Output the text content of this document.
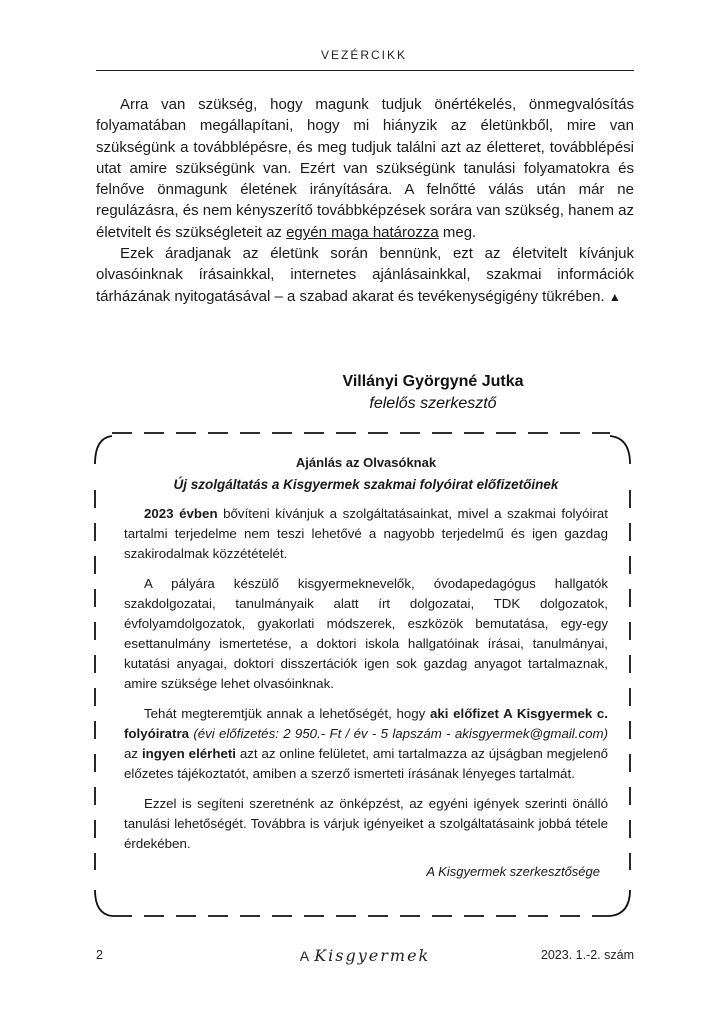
VEZÉRCIKK

Arra van szükség, hogy magunk tudjuk önértékelés, önmegvalósítás folyamatában megállapítani, hogy mi hiányzik az életünkből, mire van szükségünk a továbblépésre, és meg tudjuk találni azt az életteret, továbblépési utat amire szükségünk van. Ezért van szükségünk tanulási folyamatokra és felnőve önmagunk életének irányítására. A felnőtté válás után már ne regulázásra, és nem kényszerítő továbbképzések sorára van szükség, hanem az életvitelt és szükségleteit az egyén maga határozza meg.

Ezek áradjanak az életünk során bennünk, ezt az életvitelt kívánjuk olvasóinknak írásainkkal, internetes ajánlásainkkal, szakmai információk tárházának nyitogatásával – a szabad akarat és tevékenységigény tükrében. ▲

Villányi Györgyné Jutka
felelős szerkesztő
Ajánlás az Olvasóknak
Új szolgáltatás a Kisgyermek szakmai folyóirat előfizetőinek

2023 évben bővíteni kívánjuk a szolgáltatásainkat, mivel a szakmai folyóirat tartalmi terjedelme nem teszi lehetővé a nagyobb terjedelmű és igen gazdag szakirodalmak közzétételét.

A pályára készülő kisgyermeknevelők, óvodapedagógus hallgatók szakdolgozatai, tanulmányaik alatt írt dolgozatai, TDK dolgozatok, évfolyamdolgozatok, gyakorlati módszerek, eszközök bemutatása, egy-egy esettanulmány ismertetése, a doktori iskola hallgatóinak írásai, tanulmányai, kutatási anyagai, doktori disszertációk igen sok gazdag anyagot tartalmaznak, amire szüksége lehet olvasóinknak.

Tehát megteremtjük annak a lehetőségét, hogy aki előfizet A Kisgyermek c. folyóiratra (évi előfizetés: 2 950.- Ft / év - 5 lapszám - akisgyermek@gmail.com) az ingyen elérheti azt az online felületet, ami tartalmazza az újságban megjelenő előzetes tájékoztatót, amiben a szerző ismerteti írásának lényeges tartalmát.

Ezzel is segíteni szeretnénk az önképzést, az egyéni igények szerinti önálló tanulási lehetőségét. Továbbra is várjuk igényeiket a szolgáltatásaink jobbá tétele érdekében.

A Kisgyermek szerkesztősége
2	A Kisgyermek	2023. 1.-2. szám
